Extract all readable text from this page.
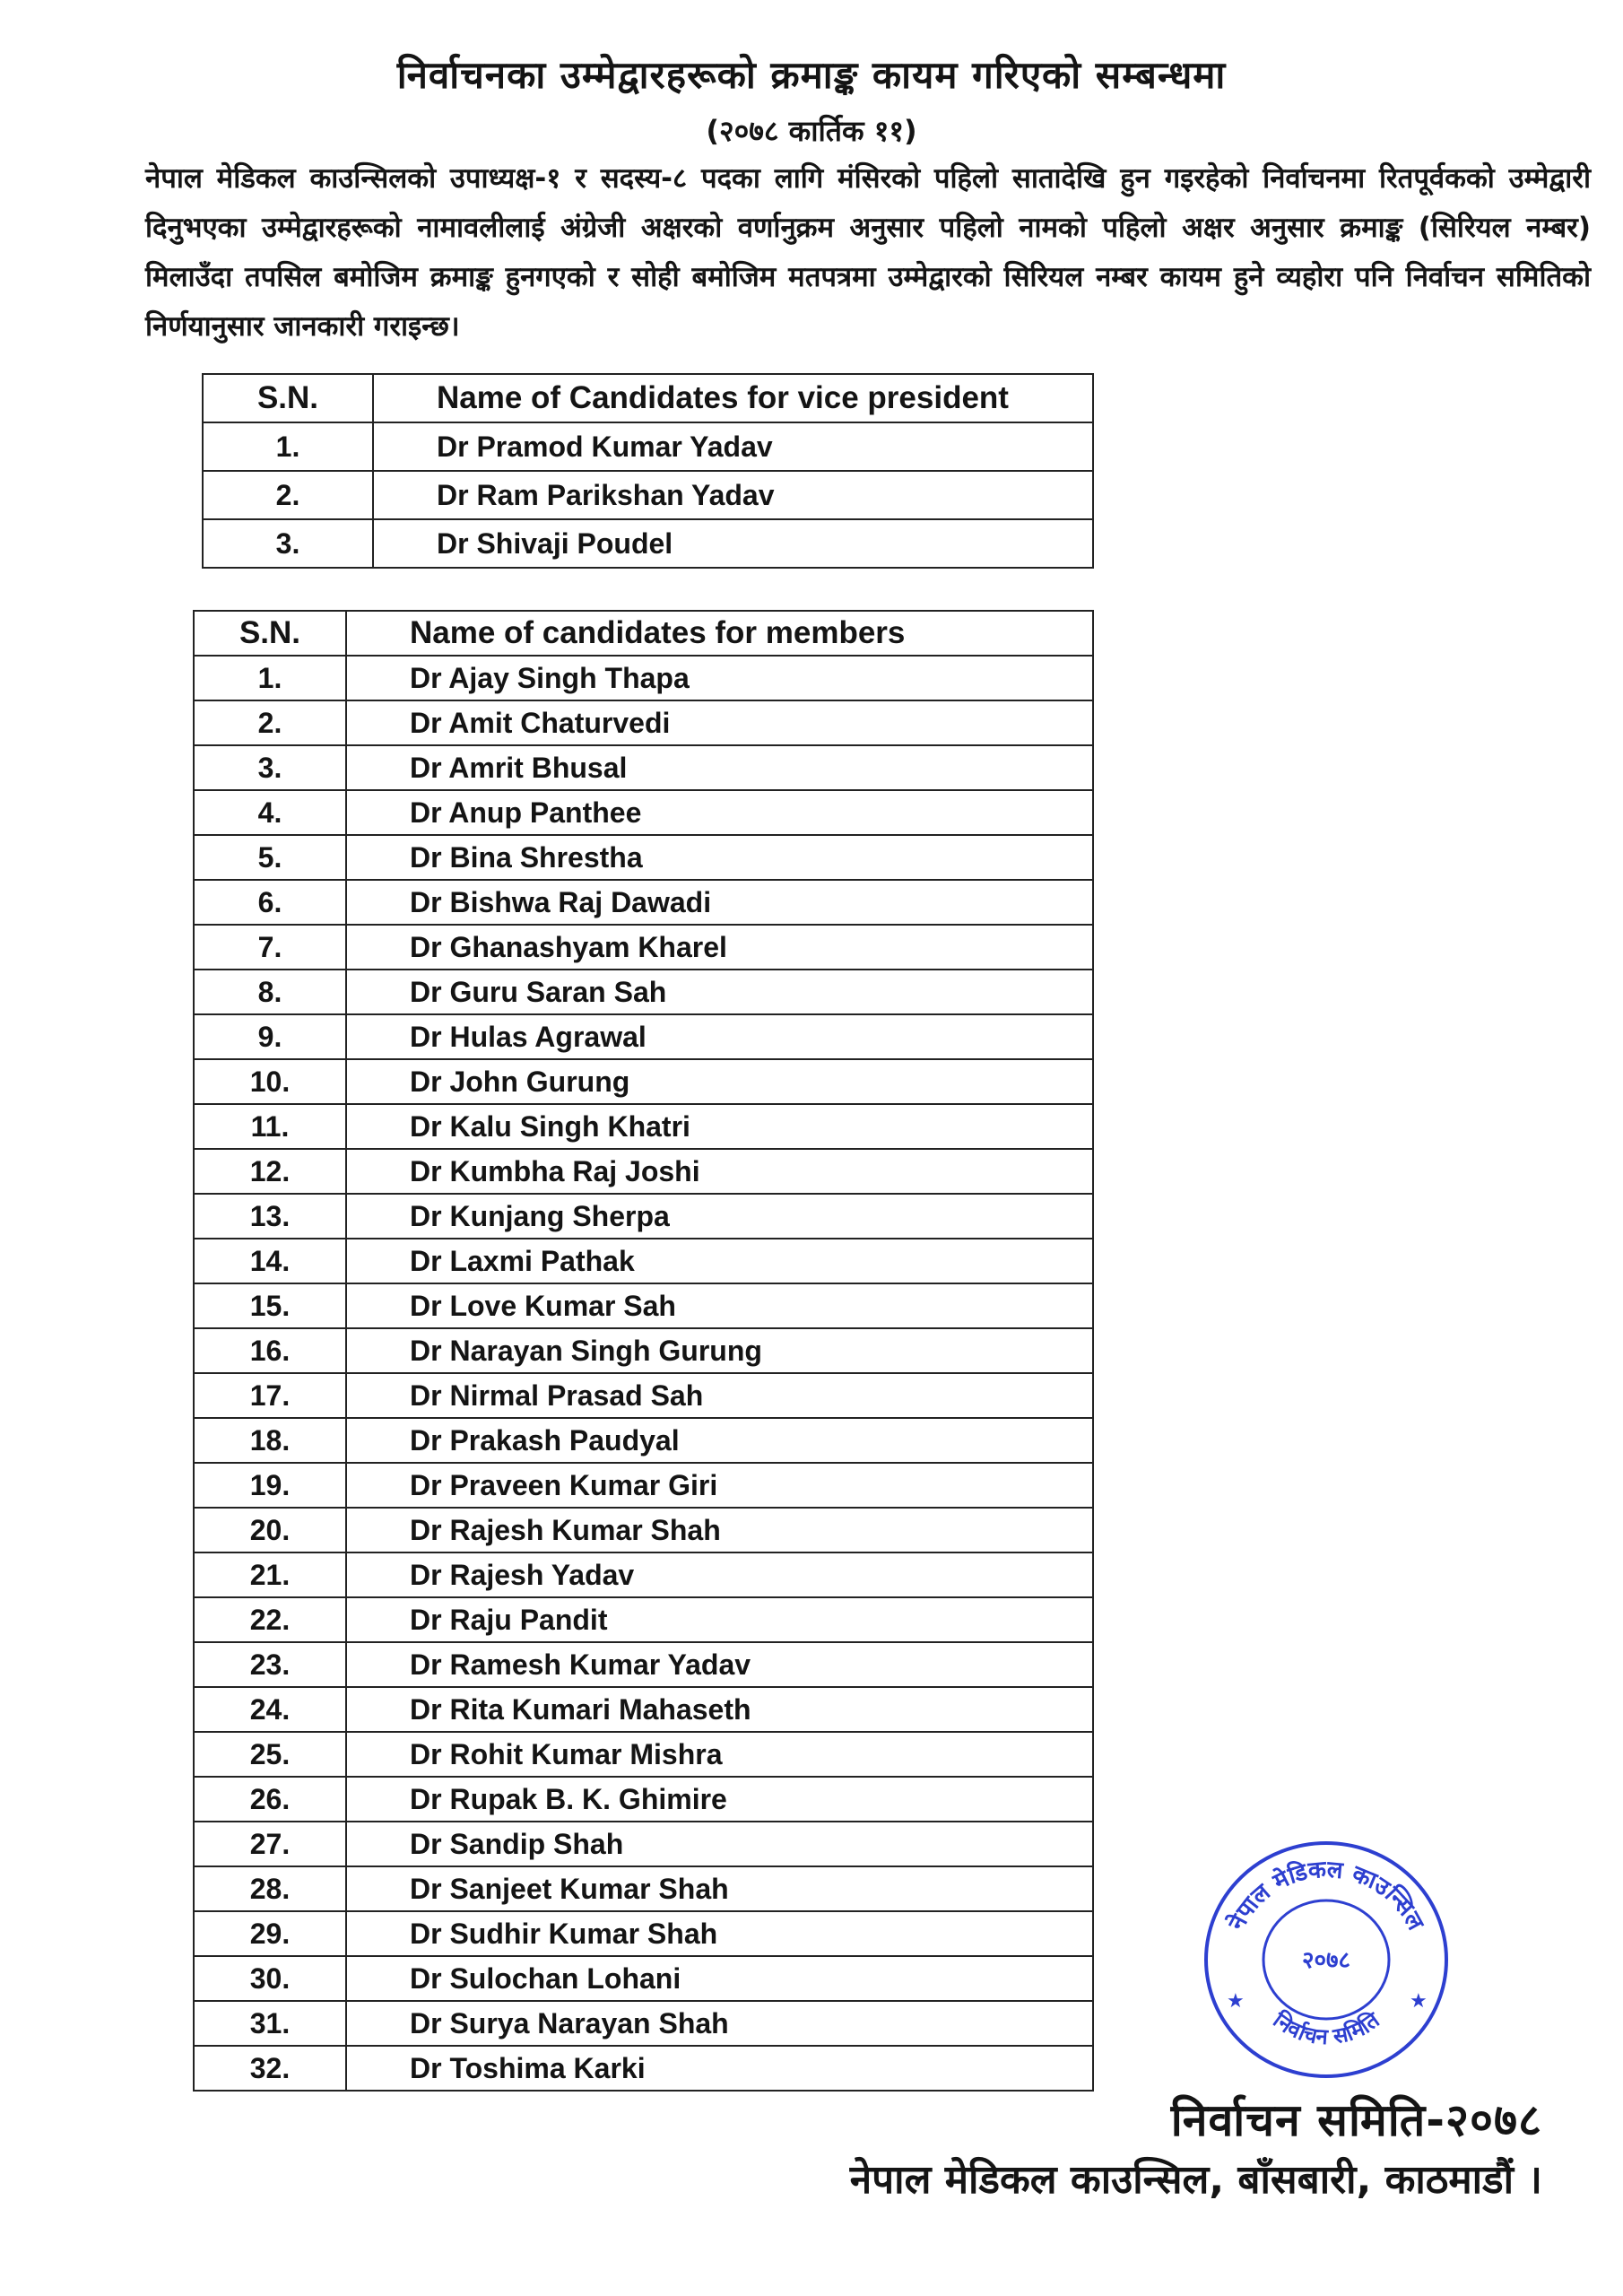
निर्वाचनका उम्मेद्वारहरूको क्रमाङ्क कायम गरिएको सम्बन्धमा
(२०७८ कार्तिक ११)
नेपाल मेडिकल काउन्सिलको उपाध्यक्ष-१ र सदस्य-८ पदका लागि मंसिरको पहिलो सातादेखि हुन गइरहेको निर्वाचनमा रितपूर्वकको उम्मेद्वारी दिनुभएका उम्मेद्वारहरूको नामावलीलाई अंग्रेजी अक्षरको वर्णानुक्रम अनुसार पहिलो नामको पहिलो अक्षर अनुसार क्रमाङ्क (सिरियल नम्बर) मिलाउँदा तपसिल बमोजिम क्रमाङ्क हुनगएको र सोही बमोजिम मतपत्रमा उम्मेद्वारको सिरियल नम्बर कायम हुने व्यहोरा पनि निर्वाचन समितिको निर्णयानुसार जानकारी गराइन्छ।
S.N.	Name of Candidates for vice president
1.	Dr Pramod Kumar Yadav
2.	Dr Ram Parikshan Yadav
3.	Dr Shivaji Poudel
S.N.	Name of candidates for members
1.	Dr Ajay Singh Thapa
2.	Dr Amit Chaturvedi
3.	Dr Amrit Bhusal
4.	Dr Anup Panthee
5.	Dr Bina Shrestha
6.	Dr Bishwa Raj Dawadi
7.	Dr Ghanashyam Kharel
8.	Dr Guru Saran Sah
9.	Dr Hulas Agrawal
10.	Dr John Gurung
11.	Dr Kalu Singh Khatri
12.	Dr Kumbha Raj Joshi
13.	Dr Kunjang Sherpa
14.	Dr Laxmi Pathak
15.	Dr Love Kumar Sah
16.	Dr Narayan Singh Gurung
17.	Dr Nirmal Prasad Sah
18.	Dr Prakash Paudyal
19.	Dr Praveen Kumar Giri
20.	Dr Rajesh Kumar Shah
21.	Dr Rajesh Yadav
22.	Dr Raju Pandit
23.	Dr Ramesh Kumar Yadav
24.	Dr Rita Kumari Mahaseth
25.	Dr Rohit Kumar Mishra
26.	Dr Rupak B. K. Ghimire
27.	Dr Sandip Shah
28.	Dr Sanjeet Kumar Shah
29.	Dr Sudhir Kumar Shah
30.	Dr Sulochan Lohani
31.	Dr Surya Narayan Shah
32.	Dr Toshima Karki
नेपाल मेडिकल काउन्सिल
निर्वाचन समिति
२०७८
★	★
निर्वाचन समिति-२०७८
नेपाल मेडिकल काउन्सिल, बाँसबारी, काठमाडौं ।
